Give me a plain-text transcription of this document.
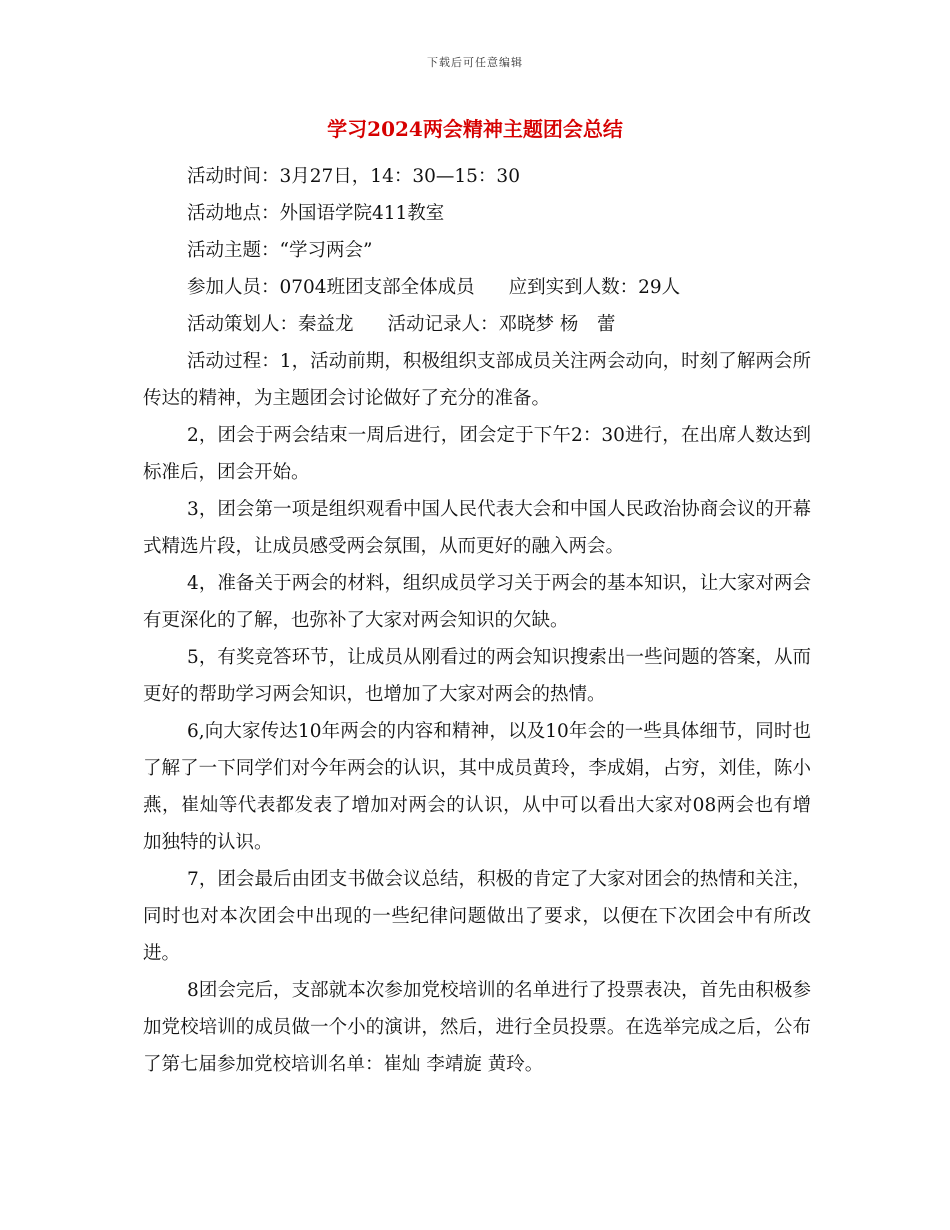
下载后可任意编辑
学习2024两会精神主题团会总结
活动时间：3月27日，14：30—15：30
活动地点：外国语学院411教室
活动主题：“学习两会”
参加人员：0704班团支部全体成员 应到实到人数：29人
活动策划人：秦益龙 活动记录人：邓晓梦 杨　蕾

活动过程：1，活动前期，积极组织支部成员关注两会动向，时刻了解两会所传达的精神，为主题团会讨论做好了充分的准备。

2，团会于两会结束一周后进行，团会定于下午2：30进行，在出席人数达到标准后，团会开始。

3，团会第一项是组织观看中国人民代表大会和中国人民政治协商会议的开幕式精选片段，让成员感受两会氛围，从而更好的融入两会。

4，准备关于两会的材料，组织成员学习关于两会的基本知识，让大家对两会有更深化的了解，也弥补了大家对两会知识的欠缺。

5，有奖竞答环节，让成员从刚看过的两会知识搜索出一些问题的答案，从而更好的帮助学习两会知识，也增加了大家对两会的热情。

6,向大家传达10年两会的内容和精神，以及10年会的一些具体细节，同时也了解了一下同学们对今年两会的认识，其中成员黄玲，李成娟，占穷，刘佳，陈小燕，崔灿等代表都发表了增加对两会的认识，从中可以看出大家对08两会也有增加独特的认识。

7，团会最后由团支书做会议总结，积极的肯定了大家对团会的热情和关注，同时也对本次团会中出现的一些纪律问题做出了要求，以便在下次团会中有所改进。

8团会完后，支部就本次参加党校培训的名单进行了投票表决，首先由积极参加党校培训的成员做一个小的演讲，然后，进行全员投票。在选举完成之后，公布了第七届参加党校培训名单：崔灿 李靖旋 黄玲。
